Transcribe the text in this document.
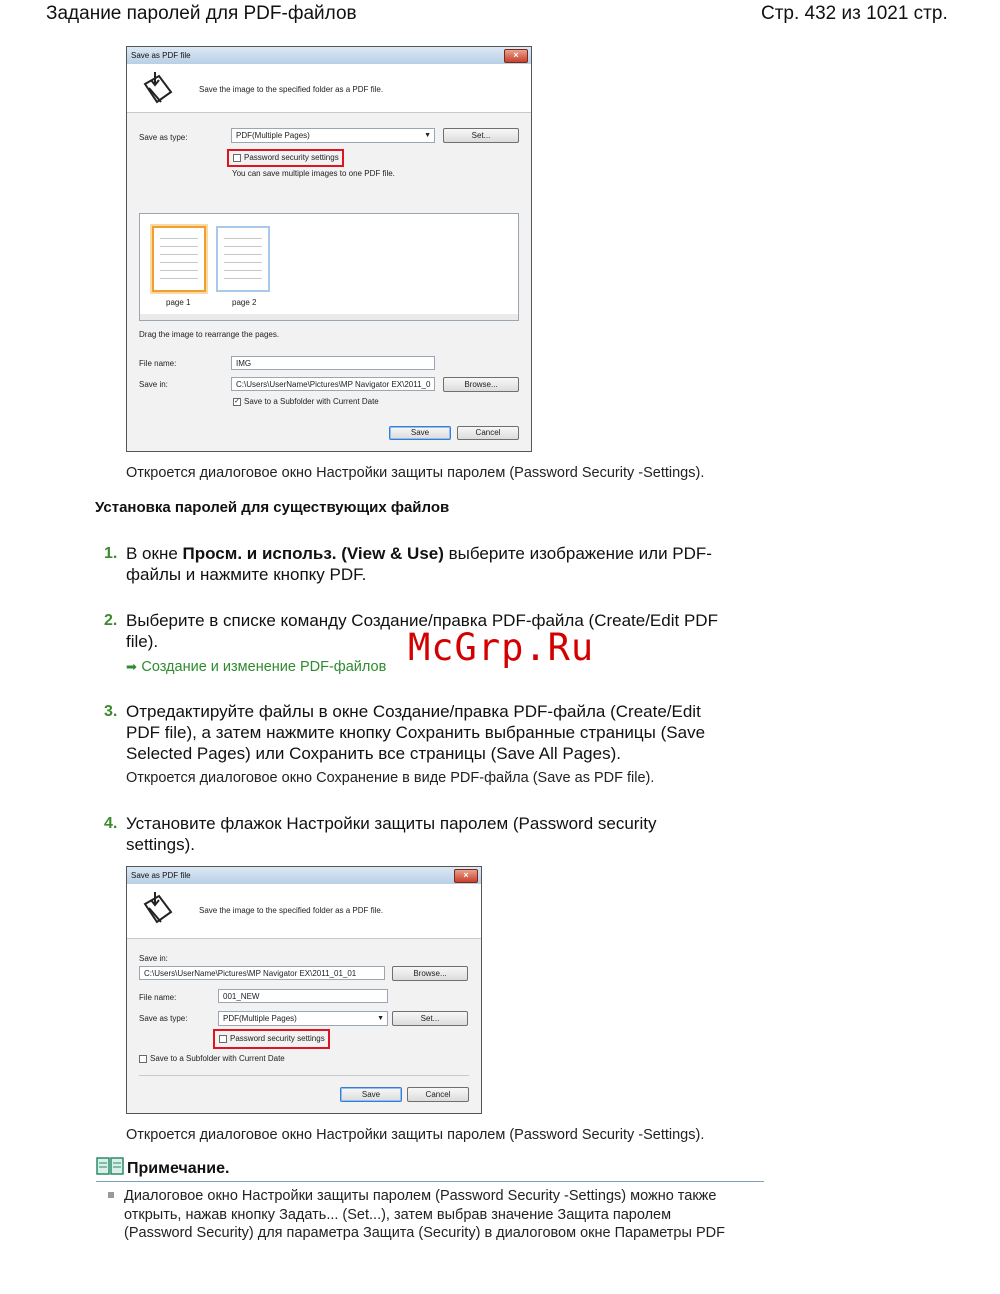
Задание паролей для PDF-файлов	Стр. 432 из 1021 стр.
Save as PDF file	×
Save the image to the specified folder as a PDF file.
Save as type:	PDF(Multiple Pages)	▼	Set...
Password security settings
You can save multiple images to one PDF file.
page 1	page 2
Drag the image to rearrange the pages.
File name:	IMG
Save in:	C:\Users\UserName\Pictures\MP Navigator EX\2011_0	Browse...
✓ Save to a Subfolder with Current Date
Save	Cancel
Откроется диалоговое окно Настройки защиты паролем (Password Security -Settings).
Установка паролей для существующих файлов
1. В окне Просм. и использ. (View & Use) выберите изображение или PDF-
файлы и нажмите кнопку PDF.
2. Выберите в списке команду Создание/правка PDF-файла (Create/Edit PDF
file).
➡ Создание и изменение PDF-файлов McGrp.Ru
3. Отредактируйте файлы в окне Создание/правка PDF-файла (Create/Edit
PDF file), а затем нажмите кнопку Сохранить выбранные страницы (Save
Selected Pages) или Сохранить все страницы (Save All Pages).
Откроется диалоговое окно Сохранение в виде PDF-файла (Save as PDF file).
4. Установите флажок Настройки защиты паролем (Password security
settings).
Save as PDF file	×
Save the image to the specified folder as a PDF file.
Save in:
C:\Users\UserName\Pictures\MP Navigator EX\2011_01_01	Browse...
File name:	001_NEW
Save as type:	PDF(Multiple Pages)	▼	Set...
Password security settings
Save to a Subfolder with Current Date
Save	Cancel
Откроется диалоговое окно Настройки защиты паролем (Password Security -Settings).
Примечание.
Диалоговое окно Настройки защиты паролем (Password Security -Settings) можно также
открыть, нажав кнопку Задать... (Set...), затем выбрав значение Защита паролем
(Password Security) для параметра Защита (Security) в диалоговом окне Параметры PDF
